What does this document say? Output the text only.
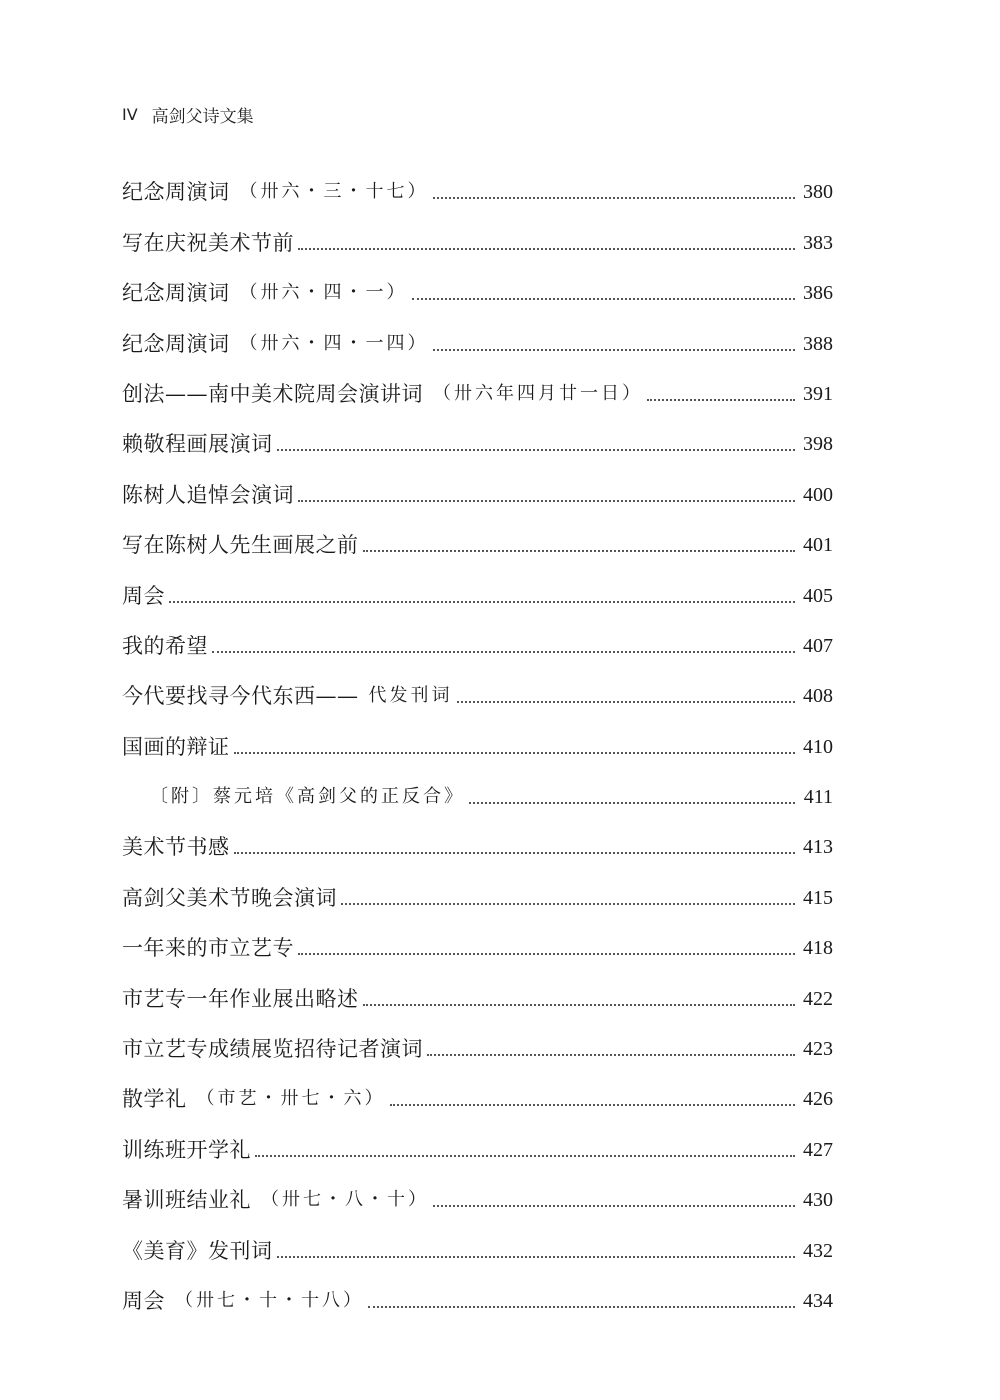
IV 高剑父诗文集
纪念周演词 （卅六・三・十七）	380
写在庆祝美术节前	383
纪念周演词 （卅六・四・一）	386
纪念周演词 （卅六・四・一四）	388
创法——南中美术院周会演讲词 （卅六年四月廿一日）	391
赖敬程画展演词	398
陈树人追悼会演词	400
写在陈树人先生画展之前	401
周会	405
我的希望	407
今代要找寻今代东西—— 代发刊词	408
国画的辩证	410
〔附〕蔡元培《高剑父的正反合》	411
美术节书感	413
高剑父美术节晚会演词	415
一年来的市立艺专	418
市艺专一年作业展出略述	422
市立艺专成绩展览招待记者演词	423
散学礼 （市艺・卅七・六）	426
训练班开学礼	427
暑训班结业礼 （卅七・八・十）	430
《美育》发刊词	432
周会 （卅七・十・十八）	434
